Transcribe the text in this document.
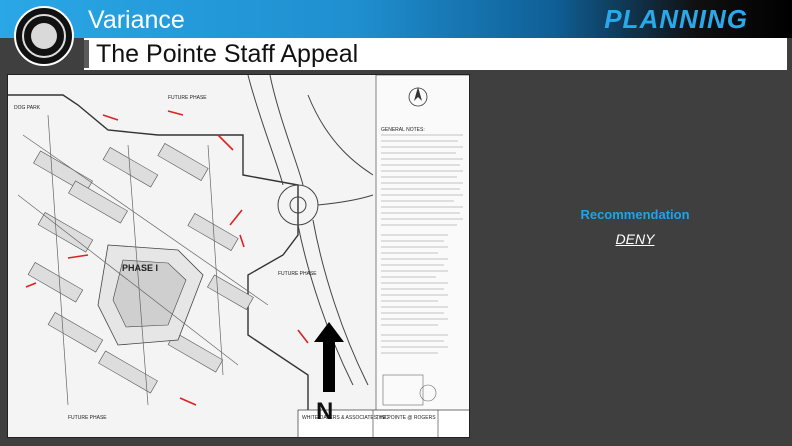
Variance	PLANNING
The Pointe Staff Appeal
DOG PARK
FUTURE PHASE
FUTURE PHASE
FUTURE PHASE
GENERAL NOTES:
THE POINTE @ ROGERS
WHITE-DATERS & ASSOCIATES, INC.
PHASE I
N
Recommendation
DENY
